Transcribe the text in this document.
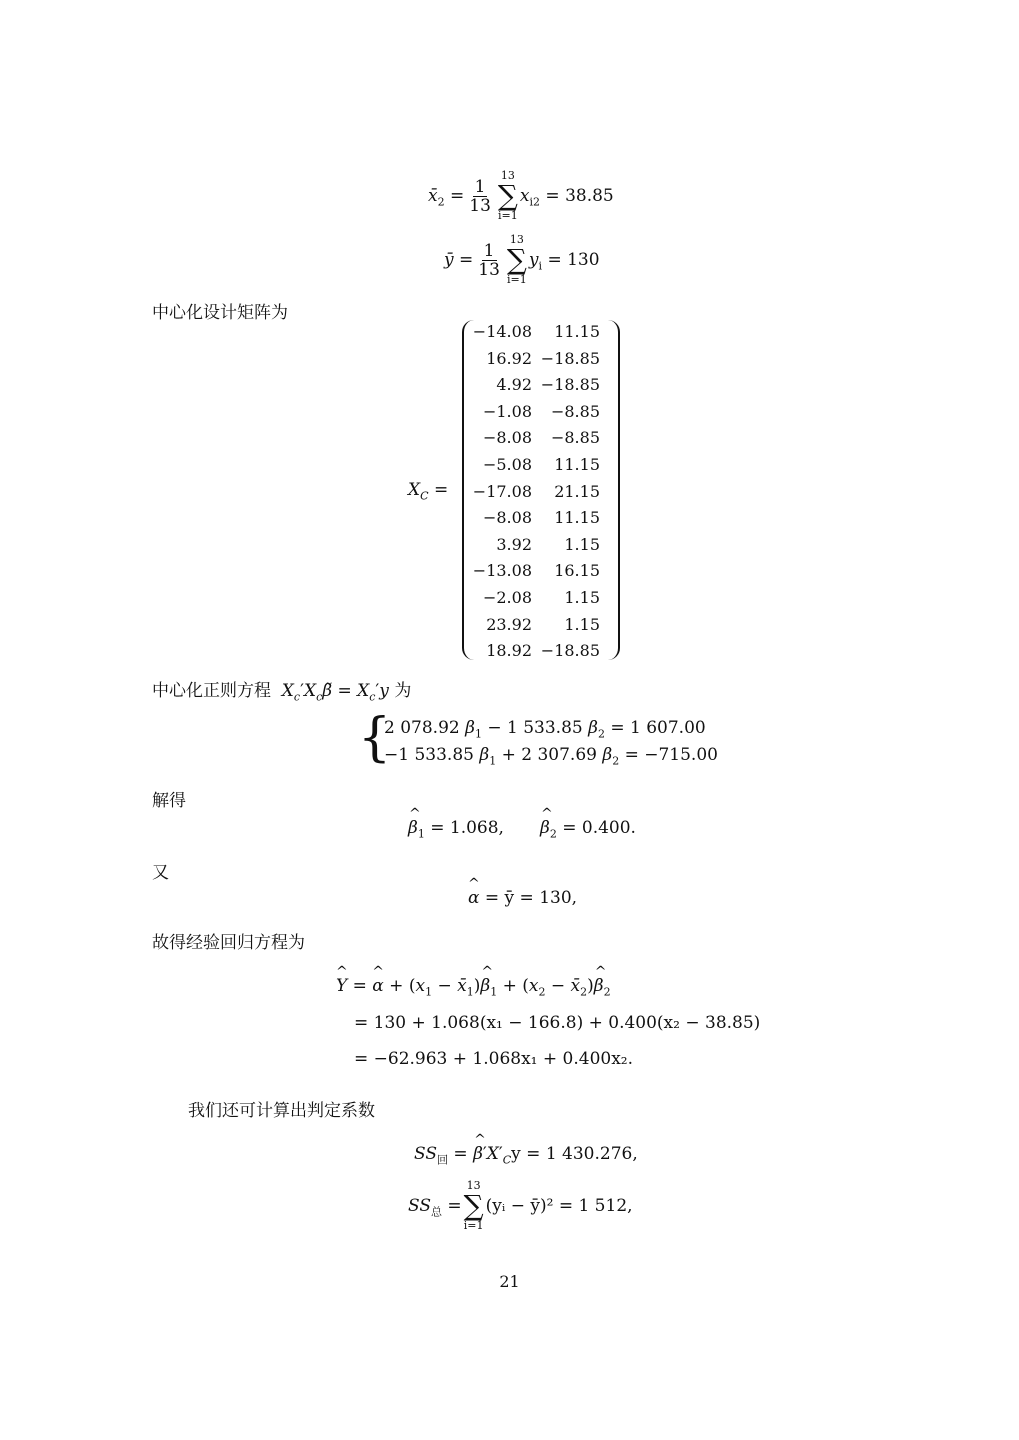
$x̄_2 = \frac{1}{13}$
13
∑
i=1
$x_{i2} = 38.85$
ȳ = $\frac{1}{13}$
13
∑
i=1
$y_i = 130$
中心化设计矩阵为
$X_C$ =
−14.08	11.15
16.92 −18.85
4.92 −18.85
−1.08	−8.85
−8.08	−8.85
−5.08	11.15
−17.08	21.15
−8.08	11.15
3.92	1.15
−13.08	16.15
−2.08	1.15
23.92	1.15
18.92 −18.85
中心化正则方程  $X_c'X_c\betã = X_c'y$ 为
{
2 078.92 $\beta_1 - 1$ 533.85 $\beta_2 = 1$ 607.00
−1 533.85 $\beta_1 + 2$ 307.69 $\beta_2 = -715.00$
解得
^ $\beta_1 = 1.068$,
^ $\beta_2 = 0.400$.
又
^ α = ȳ = 130,
故得经验回归方程为
^ Y = ^ $\alpha + (x_1$ − $x̄_1)\^{}$ $\beta_1 + (x_2$ − $x̄_2)\^{}$ $\beta_2$
= 130 + 1.068(x₁ − 166.8) + 0.400(x₂ − 38.85)
= −62.963 + 1.068x₁ + 0.400x₂.
我们还可计算出判定系数
$SS_回$ = ^ $\beta'X'_Cy = 1$ 430.276,
$SS_总$ =
13
∑
i=1
(yᵢ − ȳ)² = 1 512,
21
